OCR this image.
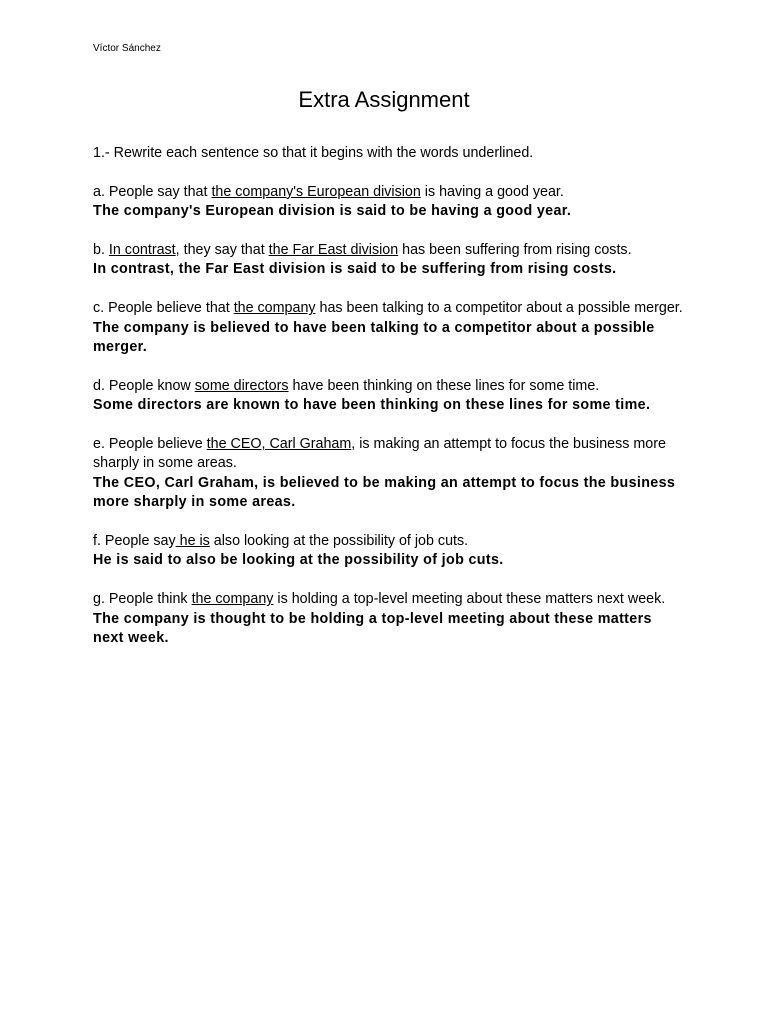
Víctor Sánchez
Extra Assignment

1.- Rewrite each sentence so that it begins with the words underlined.

a. People say that the company's European division is having a good year.

The company's European division is said to be having a good year.

b. In contrast, they say that the Far East division has been suffering from rising costs.

In contrast, the Far East division is said to be suffering from rising costs.

c. People believe that the company has been talking to a competitor about a possible merger.

The company is believed to have been talking to a competitor about a possible merger.

d. People know some directors have been thinking on these lines for some time.

Some directors are known to have been thinking on these lines for some time.

e. People believe the CEO, Carl Graham, is making an attempt to focus the business more sharply in some areas.

The CEO, Carl Graham, is believed to be making an attempt to focus the business more sharply in some areas.

f. People say he is also looking at the possibility of job cuts.

He is said to also be looking at the possibility of job cuts.

g. People think the company is holding a top-level meeting about these matters next week.

The company is thought to be holding a top-level meeting about these matters next week.
